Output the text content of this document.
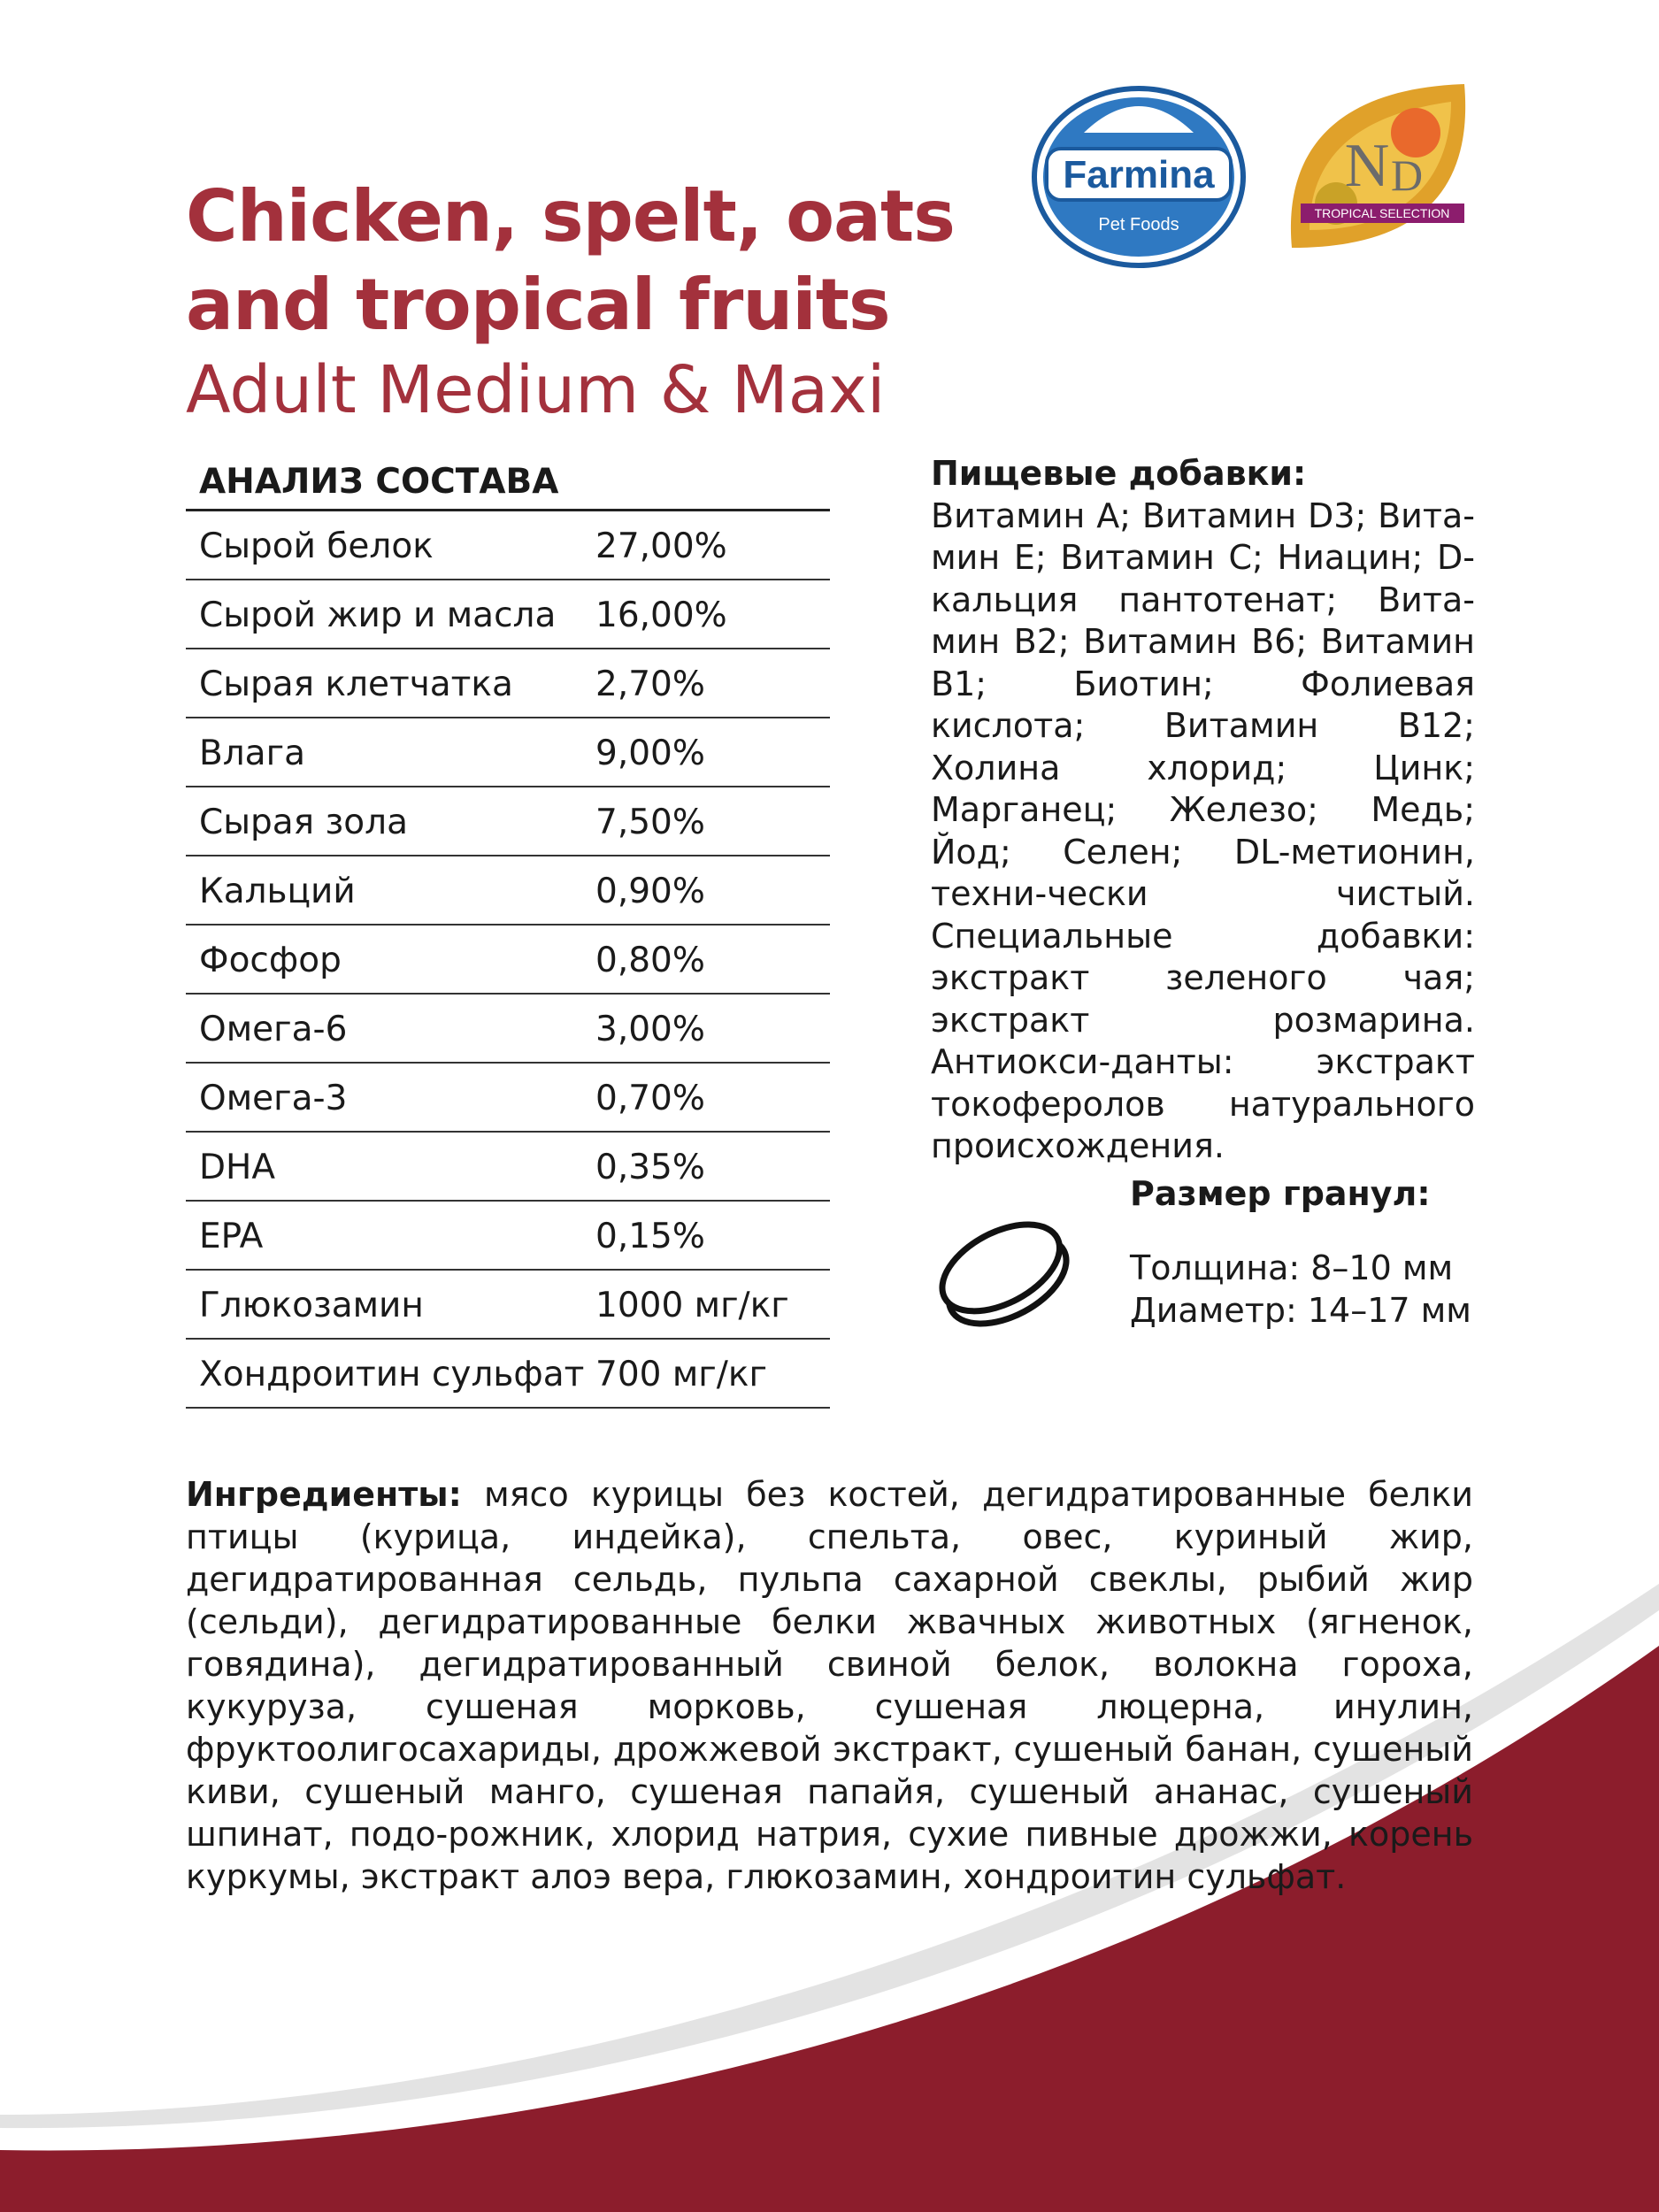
Chicken, spelt, oats and tropical fruits
Adult Medium & Maxi
Farmina
Pet Foods
N D
TROPICAL SELECTION
АНАЛИЗ СОСТАВА
Сырой белок	27,00%
Сырой жир и масла	16,00%
Сырая клетчатка	2,70%
Влага	9,00%
Сырая зола	7,50%
Кальций	0,90%
Фосфор	0,80%
Омега-6	3,00%
Омега-3	0,70%
DHA	0,35%
EPA	0,15%
Глюкозамин	1000 мг/кг
Хондроитин сульфат 700 мг/кг
Пищевые добавки:
Витамин А; Витамин D3; Вита-мин Е; Витамин С; Ниацин; D-кальция пантотенат; Вита-мин В2; Витамин В6; Витамин В1; Биотин; Фолиевая кислота; Витамин В12; Холина хлорид; Цинк; Марганец; Железо; Медь; Йод; Селен; DL-метионин, техни-чески чистый. Специальные добавки: экстракт зеленого чая; экстракт розмарина. Антиокси-данты: экстракт токоферолов натурального происхождения.
Размер гранул:
Толщина: 8–10 мм
Диаметр: 14–17 мм
Ингредиенты: мясо курицы без костей, дегидратированные белки птицы (курица, индейка), спельта, овес, куриный жир, дегидратированная сельдь, пульпа сахарной свеклы, рыбий жир (сельди), дегидратированные белки жвачных животных (ягненок, говядина), дегидратированный свиной белок, волокна гороха, кукуруза, сушеная морковь, сушеная люцерна, инулин, фруктоолигосахариды, дрожжевой экстракт, сушеный банан, сушеный киви, сушеный манго, сушеная папайя, сушеный ананас, сушеный шпинат, подо-рожник, хлорид натрия, сухие пивные дрожжи, корень куркумы, экстракт алоэ вера, глюкозамин, хондроитин сульфат.
